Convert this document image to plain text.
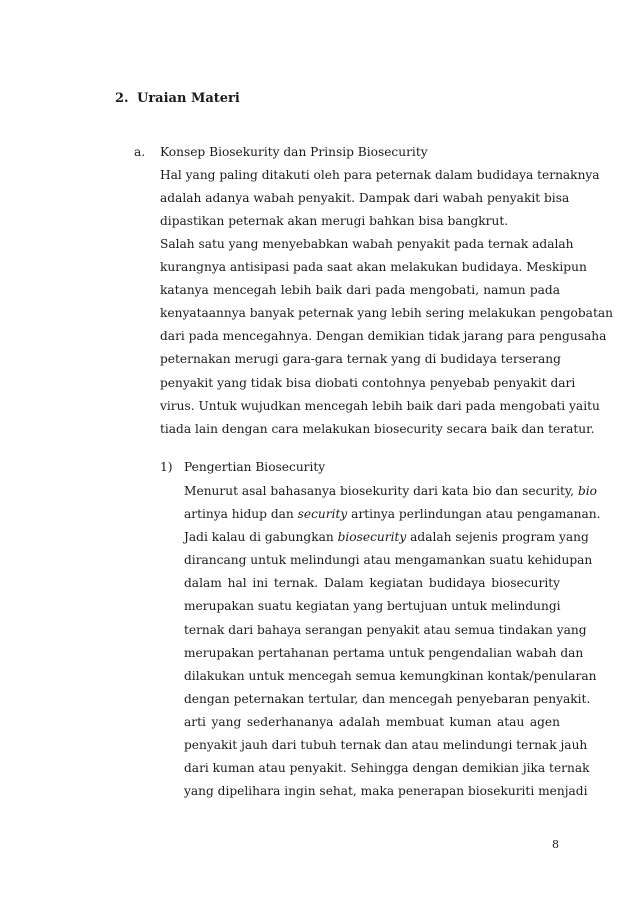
2. Uraian Materi
a. Konsep Biosekurity dan Prinsip Biosecurity
Hal yang paling ditakuti oleh para peternak dalam budidaya ternaknya
adalah adanya wabah penyakit. Dampak dari wabah penyakit bisa
dipastikan peternak akan merugi bahkan bisa bangkrut.
Salah satu yang menyebabkan wabah penyakit pada ternak adalah
kurangnya antisipasi pada saat akan melakukan budidaya. Meskipun
katanya mencegah lebih baik dari pada mengobati, namun pada
kenyataannya banyak peternak yang lebih sering melakukan pengobatan
dari pada mencegahnya. Dengan demikian tidak jarang para pengusaha
peternakan merugi gara-gara ternak yang di budidaya terserang
penyakit yang tidak bisa diobati contohnya penyebab penyakit dari
virus. Untuk wujudkan mencegah lebih baik dari pada mengobati yaitu
tiada lain dengan cara melakukan biosecurity secara baik dan teratur.
1) Pengertian Biosecurity
Menurut asal bahasanya biosekurity dari kata bio dan security, bio
artinya hidup dan security artinya perlindungan atau pengamanan.
Jadi kalau di gabungkan biosecurity adalah sejenis program yang
dirancang untuk melindungi atau mengamankan suatu kehidupan
dalam hal ini ternak. Dalam kegiatan budidaya biosecurity
merupakan suatu kegiatan yang bertujuan untuk melindungi
ternak dari bahaya serangan penyakit atau semua tindakan yang
merupakan pertahanan pertama untuk pengendalian wabah dan
dilakukan untuk mencegah semua kemungkinan kontak/penularan
dengan peternakan tertular, dan mencegah penyebaran penyakit.
arti yang sederhananya adalah membuat kuman atau agen
penyakit jauh dari tubuh ternak dan atau melindungi ternak jauh
dari kuman atau penyakit. Sehingga dengan demikian jika ternak
yang dipelihara ingin sehat, maka penerapan biosekuriti menjadi
8
